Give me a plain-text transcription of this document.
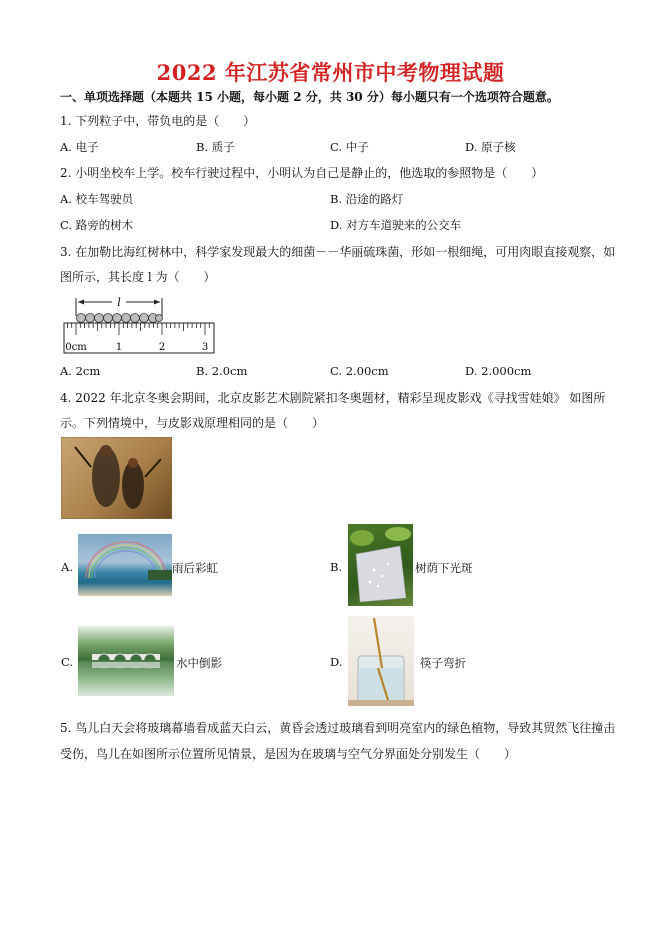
2022 年江苏省常州市中考物理试题
一、单项选择题（本题共 15 小题，每小题 2 分，共 30 分）每小题只有一个选项符合题意。
1. 下列粒子中，带负电的是（　　）
A. 电子	B. 质子	C. 中子	D. 原子核
2. 小明坐校车上学。校车行驶过程中，小明认为自己是静止的，他选取的参照物是（　　）
A. 校车驾驶员	B. 沿途的路灯
C. 路旁的树木	D. 对方车道驶来的公交车
3. 在加勒比海红树林中，科学家发现最大的细菌－－华丽硫珠菌，形如一根细绳，可用肉眼直接观察，如
图所示，其长度 l 为（　　）
l
0cm	1	2	3
A. 2cm	B. 2.0cm	C. 2.00cm	D. 2.000cm
4. 2022 年北京冬奥会期间，北京皮影艺术剧院紧扣冬奥题材，精彩呈现皮影戏《寻找雪娃娘》 如图所
示。下列情境中，与皮影戏原理相同的是（　　）
A.	雨后彩虹	B.	树荫下光斑
C.	水中倒影	D.	筷子弯折
5. 鸟儿白天会将玻璃幕墙看成蓝天白云，黄昏会透过玻璃看到明亮室内的绿色植物，导致其贸然飞往撞击
受伤，鸟儿在如图所示位置所见情景，是因为在玻璃与空气分界面处分别发生（　　）
